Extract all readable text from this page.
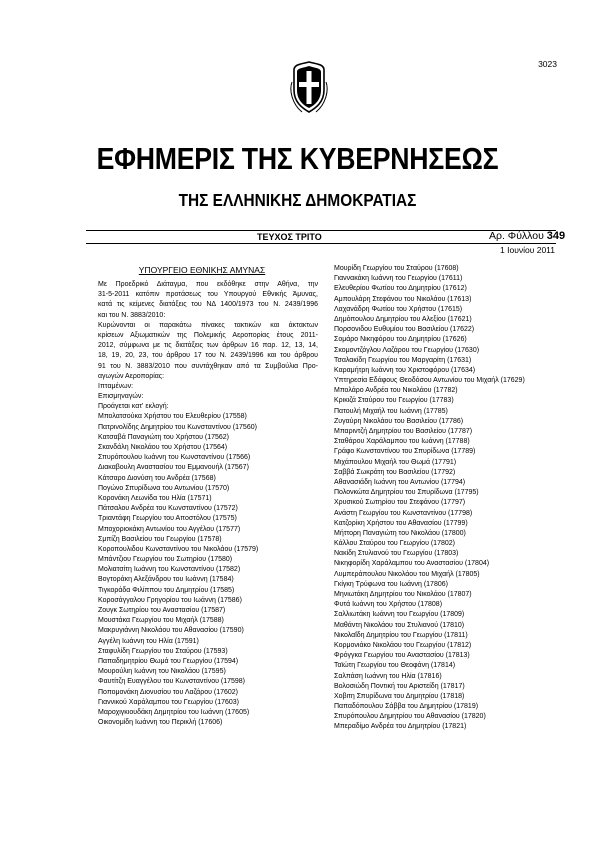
3023
ΕΦΗΜΕΡΙΣ ΤΗΣ ΚΥΒΕΡΝΗΣΕΩΣ
ΤΗΣ ΕΛΛΗΝΙΚΗΣ ΔΗΜΟΚΡΑΤΙΑΣ
ΤΕΥΧΟΣ ΤΡΙΤΟ	Αρ. Φύλλου 349
1 Ιουνίου 2011
ΥΠΟΥΡΓΕΙΟ ΕΘΝΙΚΗΣ ΑΜΥΝΑΣ
Με Προεδρικό Διάταγμα, που εκδόθηκε στην Αθήνα, την
31-5-2011 κατόπιν προτάσεως του Υπουργού Εθνικής Άμυνας,
κατά τις κείμενες διατάξεις του ΝΔ 1400/1973 του Ν. 2439/1996
και του Ν. 3883/2010:
Κυρώνονται οι παρακάτω πίνακες τακτικών και άκτακτων
κρίσεων Αξιωματικών της Πολεμικής Αεροπορίας έτους 2011-
2012, σύμφωνα με τις διατάξεις των άρθρων 16 παρ. 12, 13, 14,
18, 19, 20, 23, του άρθρου 17 του Ν. 2439/1996 και του άρθρου
91 του Ν. 3883/2010 που συντάχθηκαν από τα Συμβούλια Προ-
αγωγών Αεροπορίας:
Ιπταμένων:
Επισμηναγών:
Προάγεται κατ' εκλογή:
Μπολατσούκα Χρήστου του Ελευθερίου (17558)
Πατρινολίδης Δημητρίου του Κωνσταντίνου (17560)
Κατσαβά Παναγιώτη του Χρήστου (17562)
Σκανδάλη Νικολάου του Χρήστου (17564)
Σπυρόπουλου Ιωάννη του Κωνσταντίνου (17566)
Διακαβουλη Αναστασίου του Εμμανουήλ (17567)
Κάτσαρο Διονύση του Ανδρέα (17568)
Πογώνο Σπυρίδωνα του Αντωνίου (17570)
Κορονάκη Λεωνίδα του Ηλία (17571)
Πάτσαλου Ανδρέα του Κωνσταντίνου (17572)
Τριαντάφη Γεωργίου του Αποστόλου (17575)
Μποχοριοκάκη Αντωνίου του Αγγέλου (17577)
Σμπίζη Βασιλείου του Γεωργίου (17578)
Κοροπουλιδου Κωνσταντίνου του Νικολάου (17579)
Μπάντζιου Γεωργίου του Σωτηρίου (17580)
Μολιατσίτη Ιωάννη του Κωνσταντίνου (17582)
Βογτοράκη Αλεξάνδρου του Ιωάννη (17584)
Τιγκοράδα Φιλίππου του Δημητρίου (17585)
Κοροσάγγαλου Γρηγορίου του Ιωάννη (17586)
Ζουγκ Σωτηρίου του Αναστασίου (17587)
Μουστάκα Γεωργίου του Μιχαήλ (17588)
Μακρυγιάννη Νικολάου του Αθανασίου (17590)
Αγγέλη Ιωάννη του Ηλία (17591)
Σταφυλίδη Γεωργίου του Σταύρου (17593)
Παπαδημητρίου Θωμά του Γεωργίου (17594)
Μουρούλιη Ιωάννη του Νικολάου (17595)
Φαυτίτζη Ευαγγέλου του Κωνσταντίνου (17598)
Ποπομονάκη Διονυσίου του Λαζάρου (17602)
Γιαννικού Χαράλαμπου του Γεωργίου (17603)
Μαροχιγκιουδάκη Δημητρίου του Ιωάννη (17605)
Οικονομίδη Ιωάννη του Περικλή (17606)
Μουρίδη Γεωργίου του Σταύρου (17608)
Γιαννακάκη Ιωάννη του Γεωργίου (17611)
Ελευθερίου Φωτίου του Δημητρίου (17612)
Αμπουλάρη Στεφάνου του Νικολάου (17613)
Λαχανάδρη Φωτίου του Χρήστου (17615)
Δημόπουλου Δημητρίου του Αλεξίου (17621)
Πορσονιδου Ευθυμίου του Βασιλείου (17622)
Σομάρο Νικηφόρου του Δημητρίου (17626)
Σκομοντζόγλου Λαζάρου του Γεωργίου (17630)
Τσαλακίδη Γεωργίου του Μαργαρίτη (17631)
Καραμήτρη Ιωάννη του Χριστοφόρου (17634)
Υπτηρεσία Εδάφους Θεοδόσου Αντωνίου του Μιχαήλ (17629)
Μπολάρο Ανδρέα του Νικολάου (17782)
Κρικιζά Σταύρου του Γεωργίου (17783)
Πατουλή Μιχαήλ του Ιωάννη (17785)
Ζυγαύρη Νικολάου του Βασιλείου (17786)
Μπαριντζή Δημητρίου του Βασιλείου (17787)
Σταθάρου Χαράλαμπου του Ιωάννη (17788)
Γράφο Κωνσταντίνου του Σπυρίδωνα (17789)
Μιχάπουλου Μιχαήλ του Θωμά (17791)
Σαββά Σωκράτη του Βασιλείου (17792)
Αθανασιάδη Ιωάννη του Αντωνίου (17794)
Πολονκώτα Δημητρίου του Σπυρίδωνα (17795)
Χρυσικού Σωτηρίου του Στεφάνου (17797)
Ανάστη Γεωργίου του Κωνσταντίνου (17798)
Κατζορίκη Χρήστου του Αθανασίου (17799)
Μήττορη Παναγιώτη του Νικολάου (17800)
Κάλλου Σταύρου του Γεωργίου (17802)
Νακίδη Στυλιανού του Γεωργίου (17803)
Νικηφορίδη Χαράλαμπου του Αναστασίου (17804)
Λυμπεράπουλου Νικολάου του Μιχαήλ (17805)
Γκίγκη Τρύφωνα του Ιωάννη (17806)
Μηνιωτάκη Δημητρίου του Νικολάου (17807)
Φυτά Ιωάννη του Χρήστου (17808)
Σαλλιωτάκη Ιωάννη του Γεωργίου (17809)
Μαθάντη Νικολάου του Στυλιανού (17810)
Νικολαΐδη Δημητρίου του Γεωργίου (17811)
Κορμονιάκο Νικολάου του Γεωργίου (17812)
Φρόγγκα Γεωργίου του Αναστασίου (17813)
Ταϊώτη Γεωργίου του Θεοφάνη (17814)
Σαλπάση Ιωάννη του Ηλία (17816)
Βολοσιώδη Ποντική του Αριστείδη (17817)
Χοβιτη Σπυρίδωνα του Δημητρίου (17818)
Παπαδόπουλου Σάββα του Δημητρίου (17819)
Σπυρόπουλου Δημητρίου του Αθανασίου (17820)
Μπεραδίμο Ανδρέα του Δημητρίου (17821)
